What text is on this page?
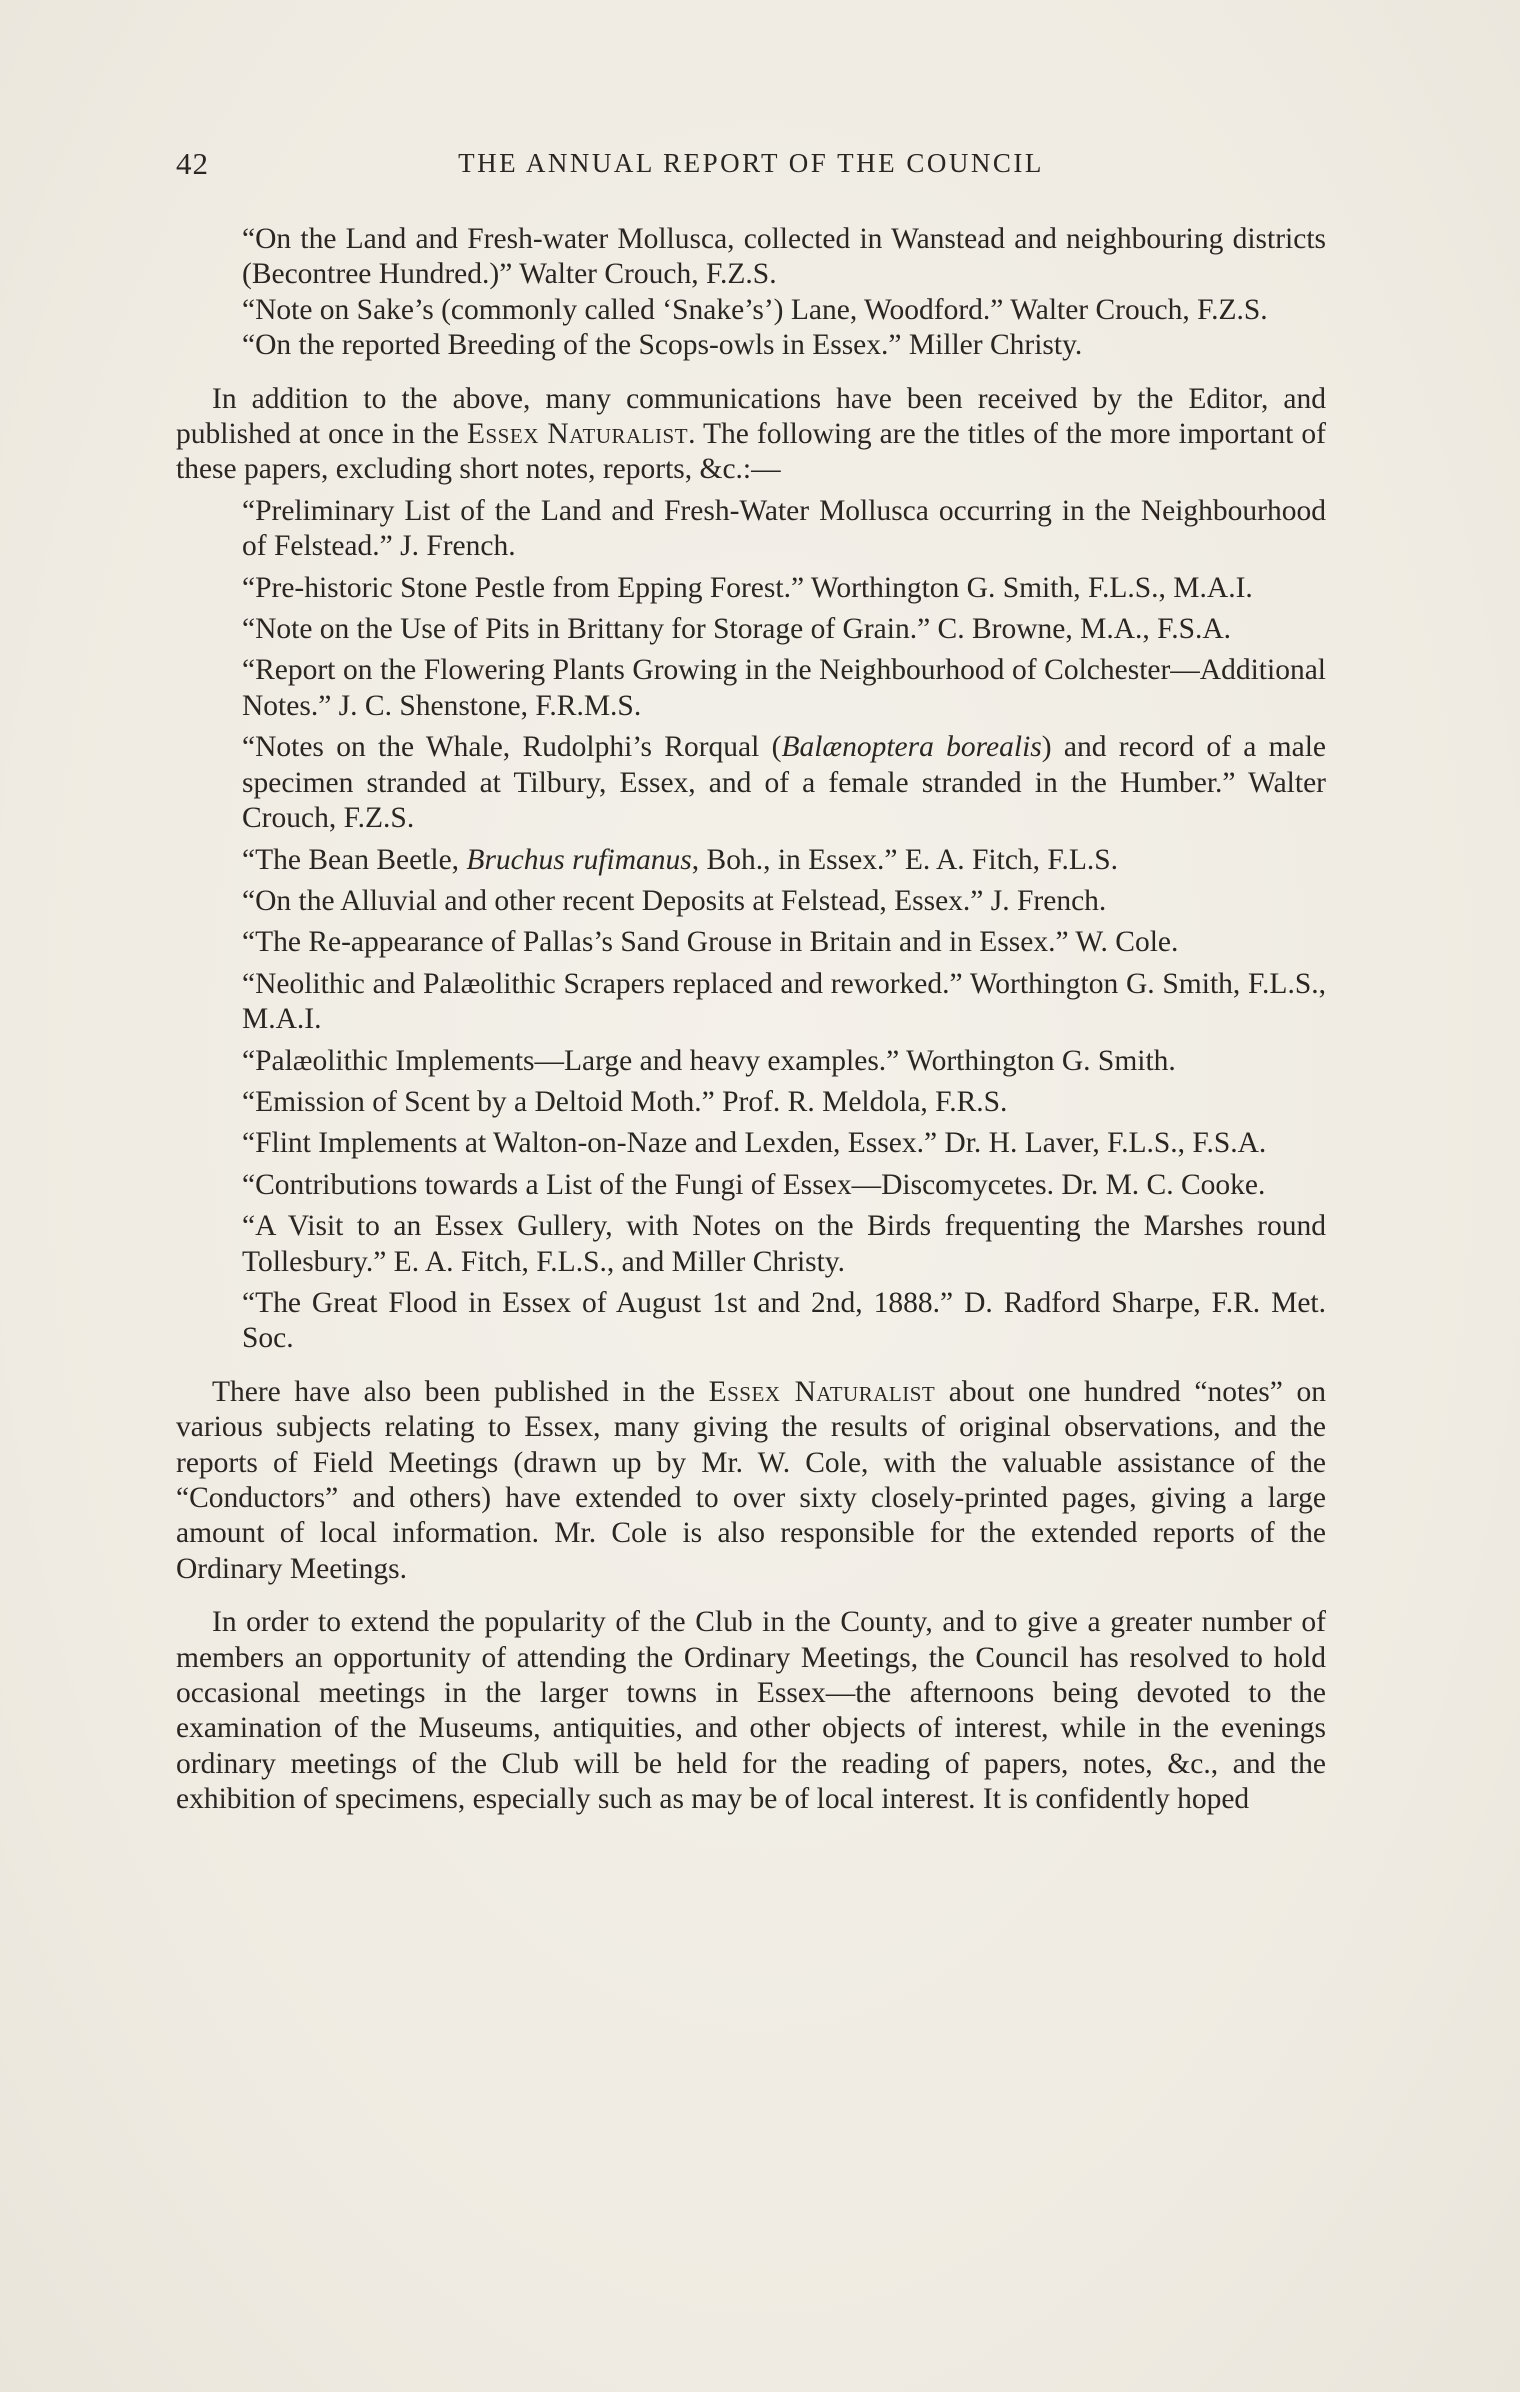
42	THE ANNUAL REPORT OF THE COUNCIL

“On the Land and Fresh-water Mollusca, collected in Wanstead and neighbouring districts (Becontree Hundred.)” Walter Crouch, F.Z.S.

“Note on Sake’s (commonly called ‘Snake’s’) Lane, Woodford.” Walter Crouch, F.Z.S.

“On the reported Breeding of the Scops-owls in Essex.” Miller Christy.

In addition to the above, many communications have been received by the Editor, and published at once in the Essex Naturalist. The following are the titles of the more important of these papers, excluding short notes, reports, &c.:—

“Preliminary List of the Land and Fresh-Water Mollusca occurring in the Neighbourhood of Felstead.” J. French.

“Pre-historic Stone Pestle from Epping Forest.” Worthington G. Smith, F.L.S., M.A.I.

“Note on the Use of Pits in Brittany for Storage of Grain.” C. Browne, M.A., F.S.A.

“Report on the Flowering Plants Growing in the Neighbourhood of Colchester—Additional Notes.” J. C. Shenstone, F.R.M.S.

“Notes on the Whale, Rudolphi’s Rorqual (Balænoptera borealis) and record of a male specimen stranded at Tilbury, Essex, and of a female stranded in the Humber.” Walter Crouch, F.Z.S.

“The Bean Beetle, Bruchus rufimanus, Boh., in Essex.” E. A. Fitch, F.L.S.

“On the Alluvial and other recent Deposits at Felstead, Essex.” J. French.

“The Re-appearance of Pallas’s Sand Grouse in Britain and in Essex.” W. Cole.

“Neolithic and Palæolithic Scrapers replaced and reworked.” Worthington G. Smith, F.L.S., M.A.I.

“Palæolithic Implements—Large and heavy examples.” Worthington G. Smith.

“Emission of Scent by a Deltoid Moth.” Prof. R. Meldola, F.R.S.

“Flint Implements at Walton-on-Naze and Lexden, Essex.” Dr. H. Laver, F.L.S., F.S.A.

“Contributions towards a List of the Fungi of Essex—Discomycetes. Dr. M. C. Cooke.

“A Visit to an Essex Gullery, with Notes on the Birds frequenting the Marshes round Tollesbury.” E. A. Fitch, F.L.S., and Miller Christy.

“The Great Flood in Essex of August 1st and 2nd, 1888.” D. Radford Sharpe, F.R. Met. Soc.

There have also been published in the Essex Naturalist about one hundred “notes” on various subjects relating to Essex, many giving the results of original observations, and the reports of Field Meetings (drawn up by Mr. W. Cole, with the valuable assistance of the “Conductors” and others) have extended to over sixty closely-printed pages, giving a large amount of local information. Mr. Cole is also responsible for the extended reports of the Ordinary Meetings.

In order to extend the popularity of the Club in the County, and to give a greater number of members an opportunity of attending the Ordinary Meetings, the Council has resolved to hold occasional meetings in the larger towns in Essex—the afternoons being devoted to the examination of the Museums, antiquities, and other objects of interest, while in the evenings ordinary meetings of the Club will be held for the reading of papers, notes, &c., and the exhibition of specimens, especially such as may be of local interest. It is confidently hoped
